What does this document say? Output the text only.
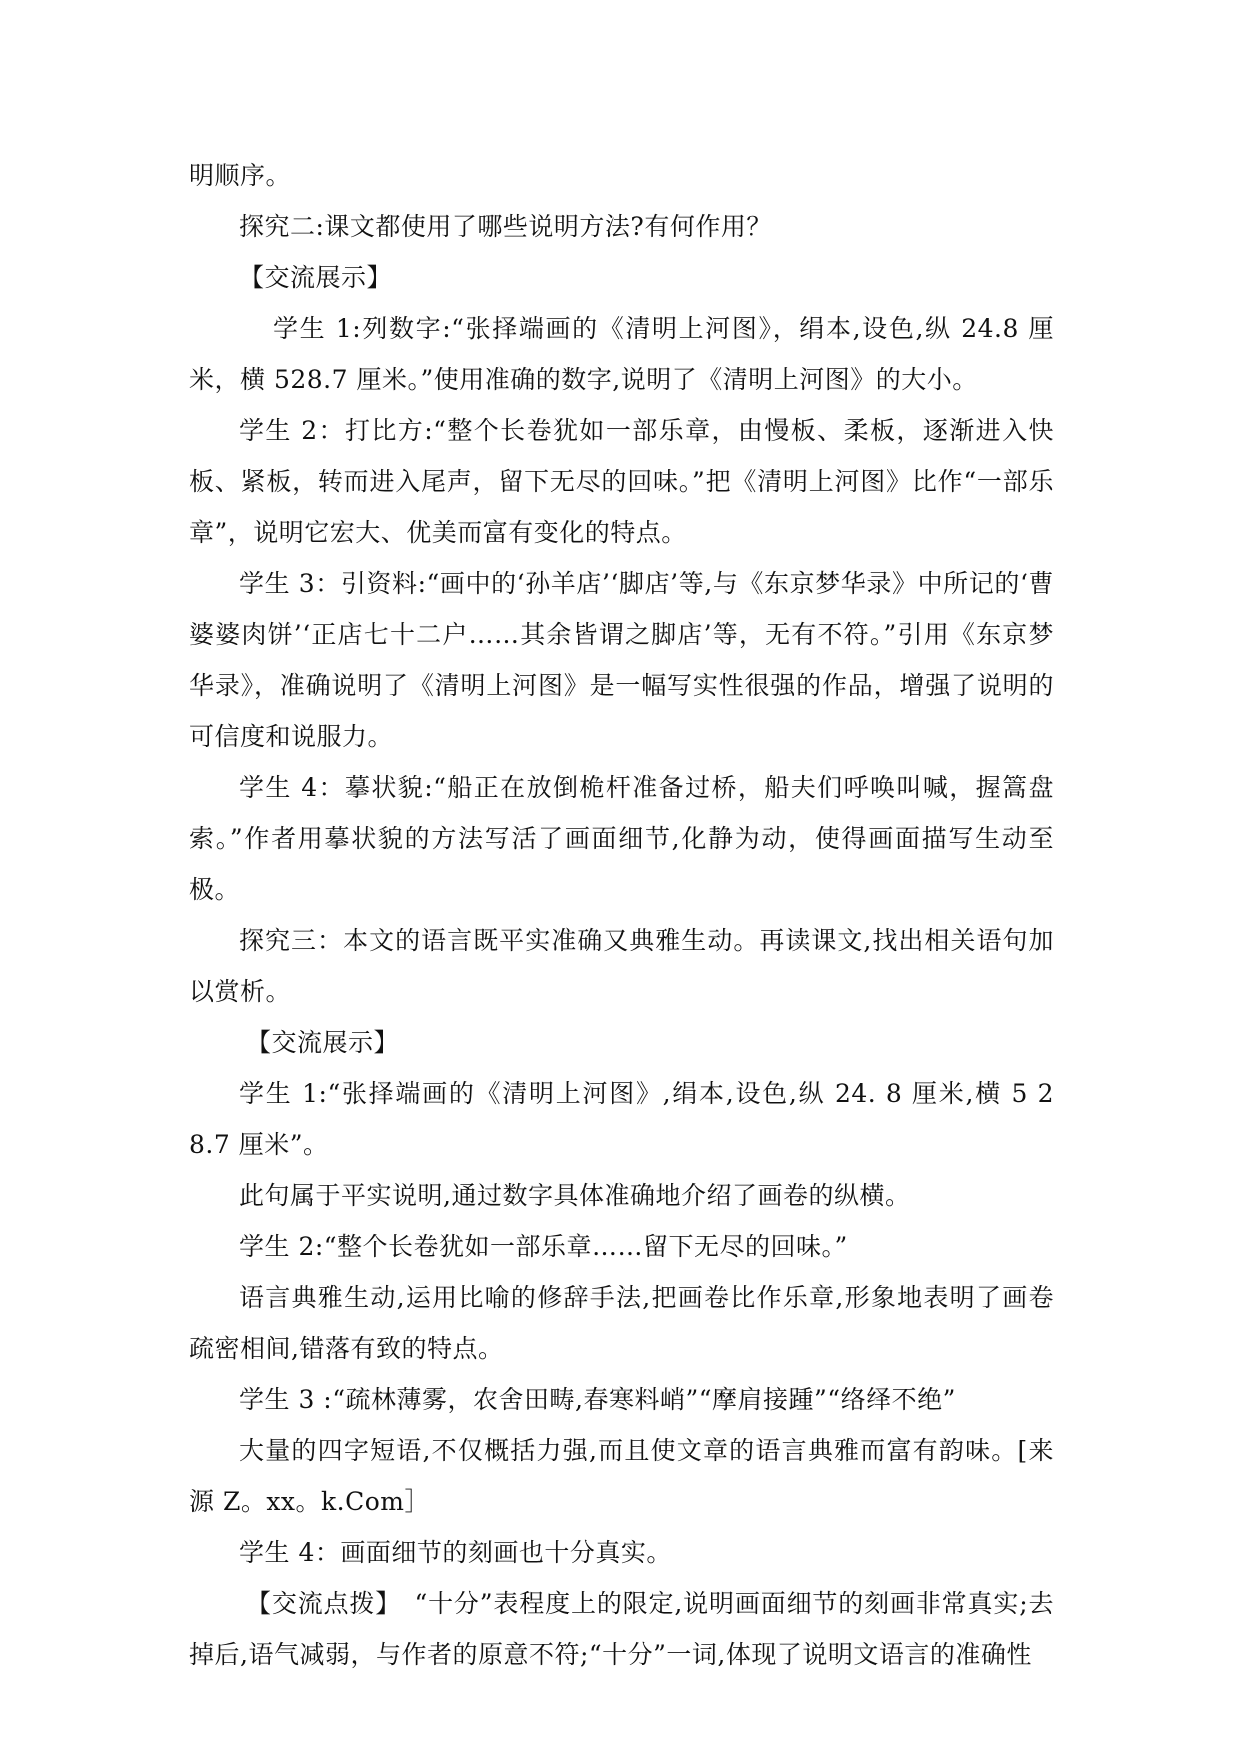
明顺序。

探究二:课文都使用了哪些说明方法?有何作用？

【交流展示】

学生 1:列数字:“张择端画的《清明上河图》，绢本,设色,纵 24.8 厘米，横 528.7 厘米。”使用准确的数字,说明了《清明上河图》的大小。

学生 2：打比方:“整个长卷犹如一部乐章，由慢板、柔板，逐渐进入快板、紧板，转而进入尾声，留下无尽的回味。”把《清明上河图》比作“一部乐章”，说明它宏大、优美而富有变化的特点。

学生 3：引资料:“画中的‘孙羊店’‘脚店’等,与《东京梦华录》中所记的‘曹婆婆肉饼’‘正店七十二户……其余皆谓之脚店’等，无有不符。”引用《东京梦华录》，准确说明了《清明上河图》是一幅写实性很强的作品，增强了说明的可信度和说服力。

学生 4：摹状貌:“船正在放倒桅杆准备过桥，船夫们呼唤叫喊，握篙盘索。”作者用摹状貌的方法写活了画面细节,化静为动，使得画面描写生动至极。

探究三：本文的语言既平实准确又典雅生动。再读课文,找出相关语句加以赏析。

【交流展示】

学生 1:“张择端画的《清明上河图》,绢本,设色,纵 24. 8 厘米,横 5 2 8.7 厘米”。

此句属于平实说明,通过数字具体准确地介绍了画卷的纵横。

学生 2:“整个长卷犹如一部乐章……留下无尽的回味。”

语言典雅生动,运用比喻的修辞手法,把画卷比作乐章,形象地表明了画卷疏密相间,错落有致的特点。

学生 3 :“疏林薄雾，农舍田畴,春寒料峭”“摩肩接踵”“络绎不绝”

大量的四字短语,不仅概括力强,而且使文章的语言典雅而富有韵味。[来源 Z。xx。k.Com］

学生 4：画面细节的刻画也十分真实。

【交流点拨】　“十分”表程度上的限定,说明画面细节的刻画非常真实;去掉后,语气减弱，与作者的原意不符;“十分”一词,体现了说明文语言的准确性
